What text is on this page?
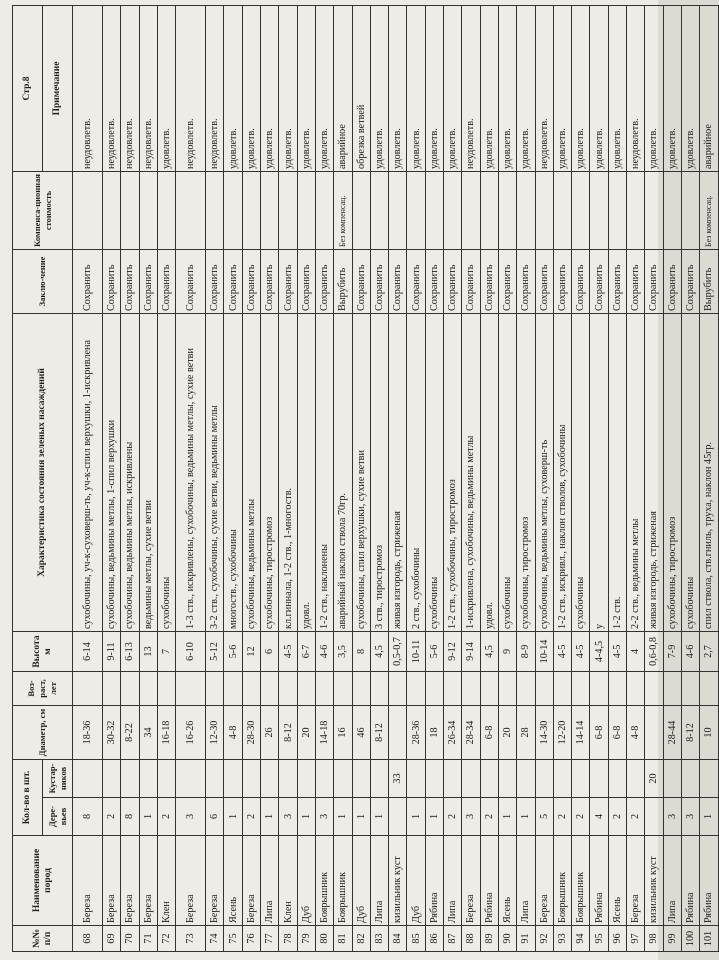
№№ п/п	Наименование пород	Кол-во в шт.		Диаметр, см	Воз-раст, лет	Высота м	Характеристика состояния зеленых насаждений	Заклю-чение	Компенса-ционная стоимость	Стр.8
		Дере-вьев	Кустар-ников							Примечание
68	Береза	8		18-36		6-14	сухобочины, уч-к-суховерш-ть, уч-к-спил верхушки, 1-искривлена	Сохранить		неудовлетв.
69	Береза	2		30-32		9-11	сухобочины, ведьмины метлы, 1-спил верхушки	Сохранить		неудовлетв.
70	Береза	8		8-22		6-13	сухобочины, ведьмины метлы, искривлены	Сохранить		неудовлетв.
71	Береза	1		34		13	ведьмины метлы, сухие ветви	Сохранить		неудовлетв.
72	Клен	2		16-18		7	сухобочины	Сохранить		удовлетв.
73	Береза	3		16-26		6-10	1-3 ств., искривлены, сухобочины, ведьмины метлы, сухие ветви	Сохранить		неудовлетв.
74	Береза	6		12-30		5-12	3-2 ств., сухобочины, сухие ветви, ведьмины метлы	Сохранить		неудовлетв.
75	Ясень	1		4-8		5-6	многоств., сухобочины	Сохранить		удовлетв.
76	Береза	2		28-30		12	сухобочины, ведьмины метлы	Сохранить		удовлетв.
77	Липа	1		26		6	сухобочины, тиростромоз	Сохранить		удовлетв.
78	Клен	3		8-12		4-5	кл.гинналa, 1-2 ств., 1-многоств.	Сохранить		удовлетв.
79	Дуб	1		20		6-7	удовл.	Сохранить		удовлетв.
80	Боярышник	3		14-18		4-6	1-2 ств., наклонены	Сохранить		удовлетв.
81	Боярышник	1		16		3,5	аварийный наклон ствола 70гр.	Вырубить	Без компенсац.	аварийное
82	Дуб	1		46		8	сухобочины, спил верхушки, сухие ветви	Сохранить		обрезка ветвей
83	Липа	1		8-12		4,5	3 ств., тиростромоз	Сохранить		удовлетв.
84	кизильник куст		33			0,5-0,7	живая изгородь, стриженая	Сохранить		удовлетв.
85	Дуб	1		28-36		10-11	2 ств., сухобочины	Сохранить		удовлетв.
86	Рябина	1		18		5-6	сухобочины	Сохранить		удовлетв.
87	Липа	2		26-34		9-12	1-2 ств., сухобочины, тиростромоз	Сохранить		удовлетв.
88	Береза	3		28-34		9-14	1-искривлена, сухобочины, ведьмины метлы	Сохранить		неудовлетв.
89	Рябина	2		6-8		4,5	удовл.	Сохранить		удовлетв.
90	Ясень	1		20		9	сухобочины	Сохранить		удовлетв.
91	Липа	1		28		8-9	сухобочины, тиростромоз	Сохранить		удовлетв.
92	Береза	5		14-30		10-14	сухобочины, ведьмины метлы, суховерш-ть	Сохранить		неудовлетв.
93	Боярышник	2		12-20		4-5	1-2 ств., искривл., наклон стволов, сухобочины	Сохранить		удовлетв.
94	Боярышник	2		14-14		4-5	сухобочины	Сохранить		удовлетв.
95	Рябина	4		6-8		4-4,5	у	Сохранить		удовлетв.
96	Ясень	2		6-8		4-5	1-2 ств.	Сохранить		удовлетв.
97	Береза	2		4-8		4	2-2 ств., ведьмины метлы	Сохранить		неудовлетв.
98	кизильник куст		20			0,6-0,8	живая изгородь, стриженая	Сохранить		удовлетв.
99	Липа	3		28-44		7-9	сухобочины, тиростромоз	Сохранить		удовлетв.
100	Рябина	3		8-12		4-6	сухобочины	Сохранить		удовлетв.
101	Рябина	1		10		2,7	спил ствола, ств.гниль, труха, наклон 45гр.	Вырубить	Без компенсац.	аварийное
